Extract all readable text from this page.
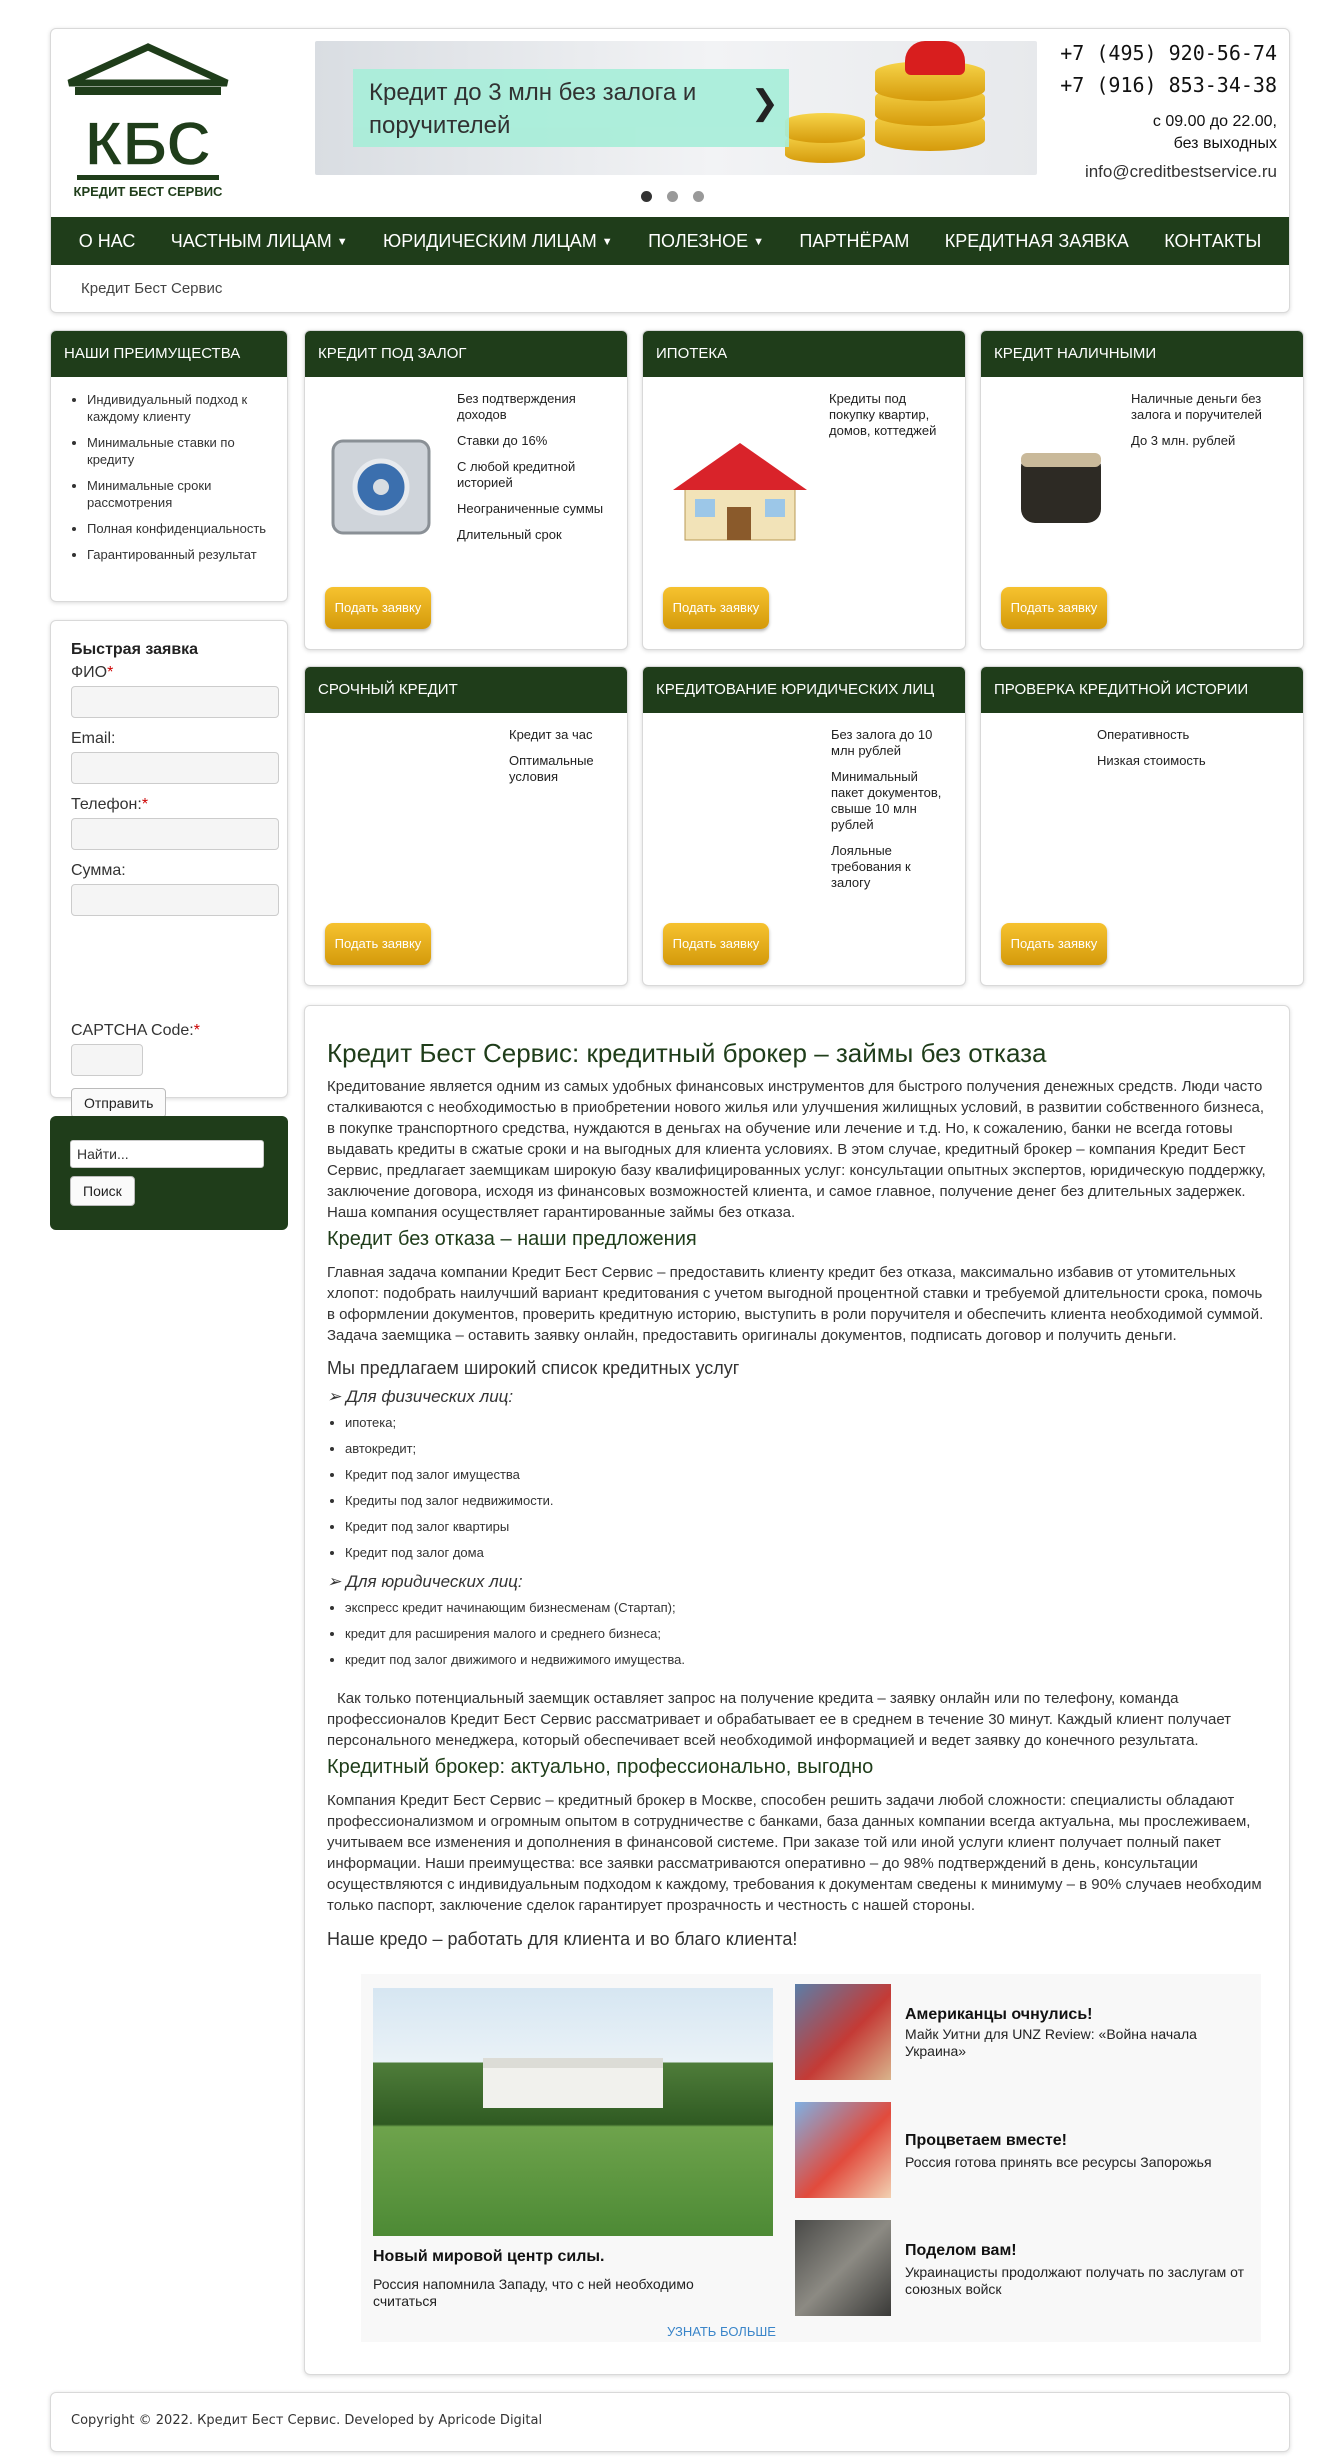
КБС
КРЕДИТ БЕСТ СЕРВИС
Кредит до 3 млн без залога и поручителей
❯
+7 (495) 920-56-74
+7 (916) 853-34-38
с 09.00 до 22.00,
без выходных
info@creditbestservice.ru
О НАС ЧАСТНЫМ ЛИЦАМ ▼ ЮРИДИЧЕСКИМ ЛИЦАМ ▼ ПОЛЕЗНОЕ ▼ ПАРТНЁРАМ КРЕДИТНАЯ ЗАЯВКА КОНТАКТЫ
Кредит Бест Сервис
НАШИ ПРЕИМУЩЕСТВА
• Индивидуальный подход к каждому клиенту
• Минимальные ставки по кредиту
• Минимальные сроки рассмотрения
• Полная конфиденциальность
• Гарантированный результат
Быстрая заявка
ФИО*
Email:
Телефон:*
Сумма:
CAPTCHA Code:*
Отправить
Найти...
Поиск
КРЕДИТ ПОД ЗАЛОГ
Без подтверждения доходов
Ставки до 16%
С любой кредитной историей
Неограниченные суммы
Длительный срок
Подать заявку
ИПОТЕКА
Кредиты под покупку квартир, домов, коттеджей
Подать заявку
КРЕДИТ НАЛИЧНЫМИ
Наличные деньги без залога и поручителей
До 3 млн. рублей
Подать заявку
СРОЧНЫЙ КРЕДИТ
Кредит за час
Оптимальные условия
Подать заявку
КРЕДИТОВАНИЕ ЮРИДИЧЕСКИХ ЛИЦ
Без залога до 10 млн рублей
Минимальный пакет документов, свыше 10 млн рублей
Лояльные требования к залогу
Подать заявку
ПРОВЕРКА КРЕДИТНОЙ ИСТОРИИ
Оперативность
Низкая стоимость
Подать заявку
Кредит Бест Сервис: кредитный брокер – займы без отказа

Кредитование является одним из самых удобных финансовых инструментов для быстрого получения денежных средств. Люди часто сталкиваются с необходимостью в приобретении нового жилья или улучшения жилищных условий, в развитии собственного бизнеса, в покупке транспортного средства, нуждаются в деньгах на обучение или лечение и т.д. Но, к сожалению, банки не всегда готовы выдавать кредиты в сжатые сроки и на выгодных для клиента условиях. В этом случае, кредитный брокер – компания Кредит Бест Сервис, предлагает заемщикам широкую базу квалифицированных услуг: консультации опытных экспертов, юридическую поддержку, заключение договора, исходя из финансовых возможностей клиента, и самое главное, получение денег без длительных задержек. Наша компания осуществляет гарантированные займы без отказа.

Кредит без отказа – наши предложения

Главная задача компании Кредит Бест Сервис – предоставить клиенту кредит без отказа, максимально избавив от утомительных хлопот: подобрать наилучший вариант кредитования с учетом выгодной процентной ставки и требуемой длительности срока, помочь в оформлении документов, проверить кредитную историю, выступить в роли поручителя и обеспечить клиента необходимой суммой. Задача заемщика – оставить заявку онлайн, предоставить оригиналы документов, подписать договор и получить деньги.

Мы предлагаем широкий список кредитных услуг
➢ Для физических лиц:
• ипотека;
• автокредит;
• Кредит под залог имущества
• Кредиты под залог недвижимости.
• Кредит под залог квартиры
• Кредит под залог дома
➢ Для юридических лиц:
• экспресс кредит начинающим бизнесменам (Стартап);
• кредит для расширения малого и среднего бизнеса;
• кредит под залог движимого и недвижимого имущества.

Как только потенциальный заемщик оставляет запрос на получение кредита – заявку онлайн или по телефону, команда профессионалов Кредит Бест Сервис рассматривает и обрабатывает ее в среднем в течение 30 минут. Каждый клиент получает персонального менеджера, который обеспечивает всей необходимой информацией и ведет заявку до конечного результата.

Кредитный брокер: актуально, профессионально, выгодно

Компания Кредит Бест Сервис – кредитный брокер в Москве, способен решить задачи любой сложности: специалисты обладают профессионализмом и огромным опытом в сотрудничестве с банками, база данных компании всегда актуальна, мы прослеживаем, учитываем все изменения и дополнения в финансовой системе. При заказе той или иной услуги клиент получает полный пакет информации. Наши преимущества: все заявки рассматриваются оперативно – до 98% подтверждений в день, консультации осуществляются с индивидуальным подходом к каждому, требования к документам сведены к минимуму – в 90% случаев необходим только паспорт, заключение сделок гарантирует прозрачность и честность с нашей стороны.

Наше кредо – работать для клиента и во благо клиента!
Новый мировой центр силы.
Россия напомнила Западу, что с ней необходимо считаться
Американцы очнулись!
Майк Уитни для UNZ Review: «Война начала Украина»
Процветаем вместе!
Россия готова принять все ресурсы Запорожья
Поделом вам!
Украинацисты продолжают получать по заслугам от союзных войск
УЗНАТЬ БОЛЬШЕ
Copyright © 2022. Кредит Бест Сервис. Developed by Apricode Digital
